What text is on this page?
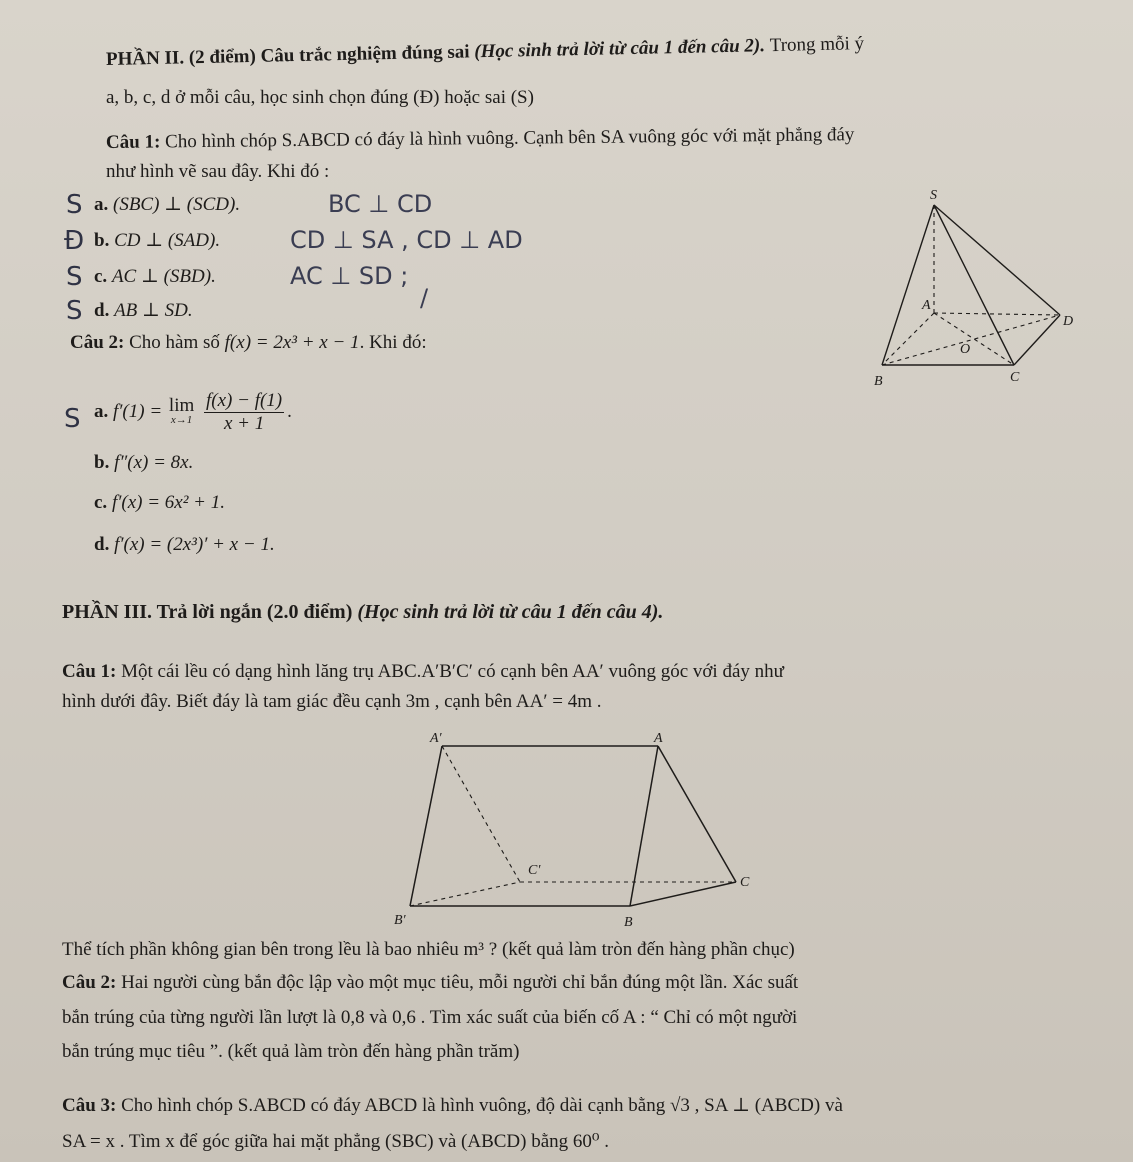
PHẦN II. (2 điểm) Câu trắc nghiệm đúng sai (Học sinh trả lời từ câu 1 đến câu 2). Trong mỗi ý
a, b, c, d ở mỗi câu, học sinh chọn đúng (Đ) hoặc sai (S)
Câu 1: Cho hình chóp S.ABCD có đáy là hình vuông. Cạnh bên SA vuông góc với mặt phẳng đáy
như hình vẽ sau đây. Khi đó :
S a. (SBC) ⊥ (SCD).	BC ⊥ CD
Đ b. CD ⊥ (SAD).	CD ⊥ SA , CD ⊥ AD
S c. AC ⊥ (SBD).	AC ⊥ SD ;
S d. AB ⊥ SD.	/
S
A
D
O
B	C
Câu 2: Cho hàm số f(x) = 2x³ + x − 1. Khi đó:
S a. f′(1) = lim
x→1
$\frac{f(x) - f(1)}{x + 1}$ .
b. f″(x) = 8x.
c. f′(x) = 6x² + 1.
d. f′(x) = (2x³)′ + x − 1.
PHẦN III. Trả lời ngắn (2.0 điểm) (Học sinh trả lời từ câu 1 đến câu 4).
Câu 1: Một cái lều có dạng hình lăng trụ ABC.A′B′C′ có cạnh bên AA′ vuông góc với đáy như
hình dưới đây. Biết đáy là tam giác đều cạnh 3m , cạnh bên AA′ = 4m .
A′	A
C′
C
B′	B
Thể tích phần không gian bên trong lều là bao nhiêu m³ ? (kết quả làm tròn đến hàng phần chục)
Câu 2: Hai người cùng bắn độc lập vào một mục tiêu, mỗi người chỉ bắn đúng một lần. Xác suất
bắn trúng của từng người lần lượt là 0,8 và 0,6 . Tìm xác suất của biến cố A : “ Chỉ có một người
bắn trúng mục tiêu ”. (kết quả làm tròn đến hàng phần trăm)
Câu 3: Cho hình chóp S.ABCD có đáy ABCD là hình vuông, độ dài cạnh bằng √3 , SA ⊥ (ABCD) và
SA = x . Tìm x để góc giữa hai mặt phẳng (SBC) và (ABCD) bằng 60⁰ .
